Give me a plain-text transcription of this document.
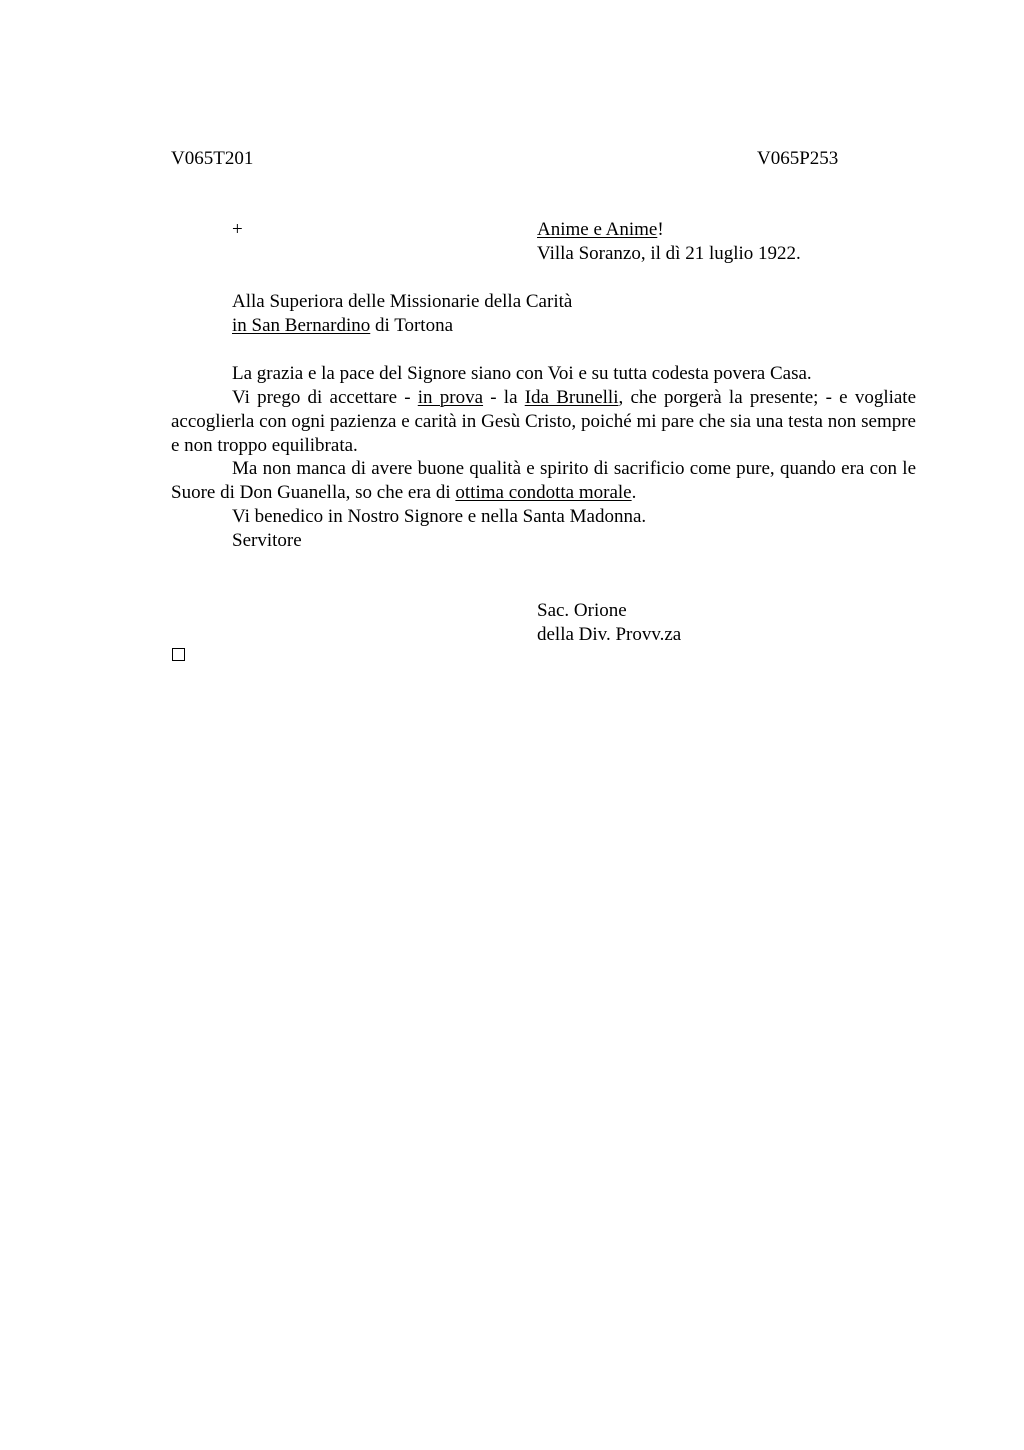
V065T201	V065P253
+	Anime e Anime!
Villa Soranzo, il dì 21 luglio 1922.
Alla Superiora delle Missionarie della Carità
in San Bernardino di Tortona
La grazia e la pace del Signore siano con Voi e su tutta codesta povera Casa.
Vi prego di accettare - in prova - la Ida Brunelli, che porgerà la presente; - e vogliate accoglierla con ogni pazienza e carità in Gesù Cristo, poiché mi pare che sia una testa non sempre e non troppo equilibrata.
Ma non manca di avere buone qualità e spirito di sacrificio come pure, quando era con le Suore di Don Guanella, so che era di ottima condotta morale.
Vi benedico in Nostro Signore e nella Santa Madonna.
Servitore
Sac. Orione
della Div. Provv.za
